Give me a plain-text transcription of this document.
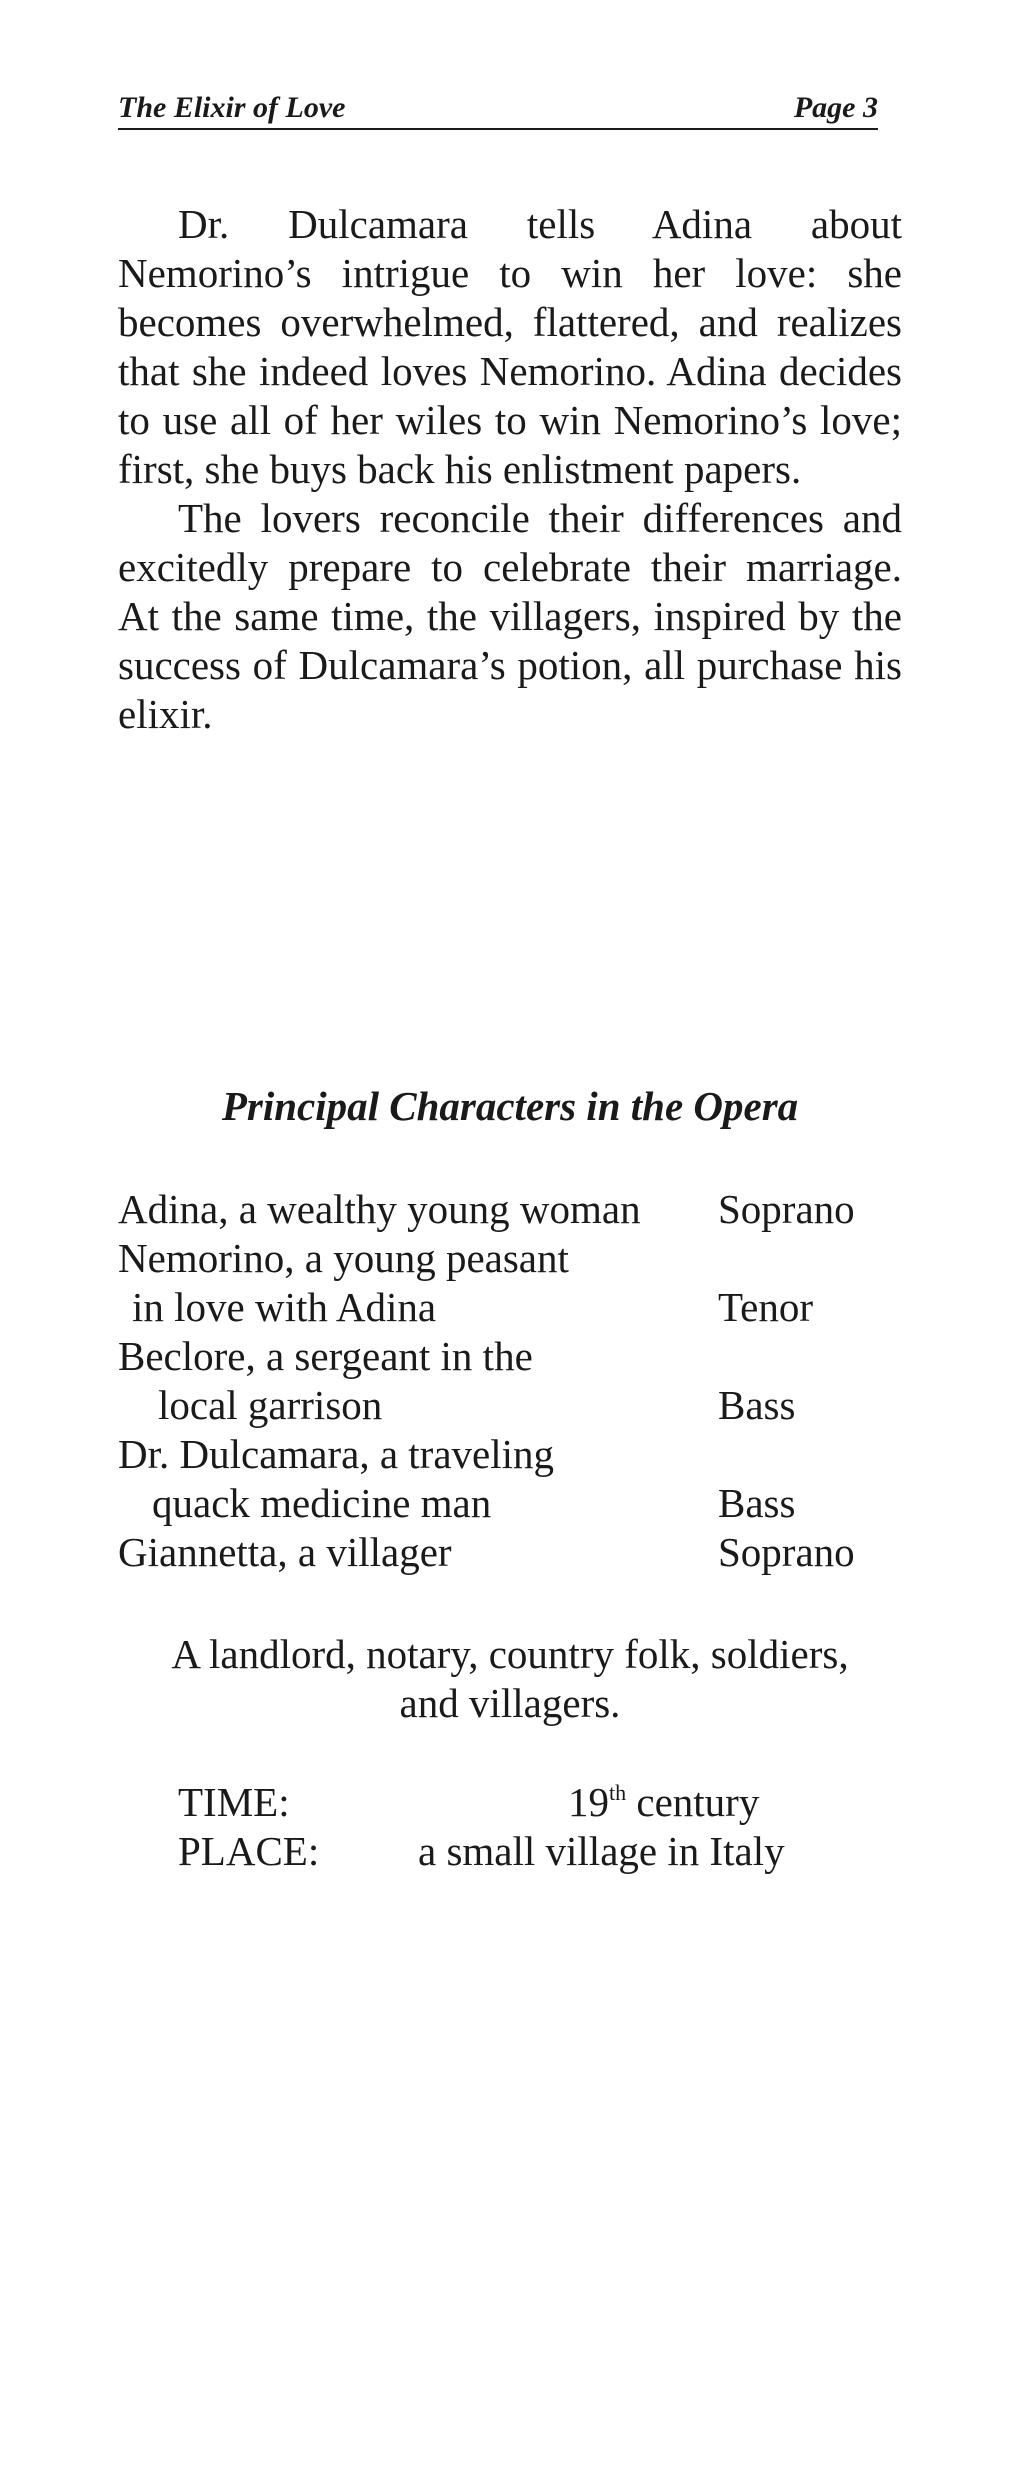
The Elixir of Love	Page 3

Dr. Dulcamara tells Adina about Nemorino’s intrigue to win her love: she becomes overwhelmed, flattered, and realizes that she indeed loves Nemorino. Adina decides to use all of her wiles to win Nemorino’s love; first, she buys back his enlistment papers.

The lovers reconcile their differences and excitedly prepare to celebrate their marriage. At the same time, the villagers, inspired by the success of Dulcamara’s potion, all purchase his elixir.

Principal Characters in the Opera
Adina, a wealthy young woman Soprano
Nemorino, a young peasant
in love with Adina	Tenor
Beclore, a sergeant in the
local garrison	Bass
Dr. Dulcamara, a traveling
quack medicine man	Bass
Giannetta, a villager	Soprano
A landlord, notary, country folk, soldiers,
and villagers.
TIME:	19th century
PLACE: a small village in Italy
